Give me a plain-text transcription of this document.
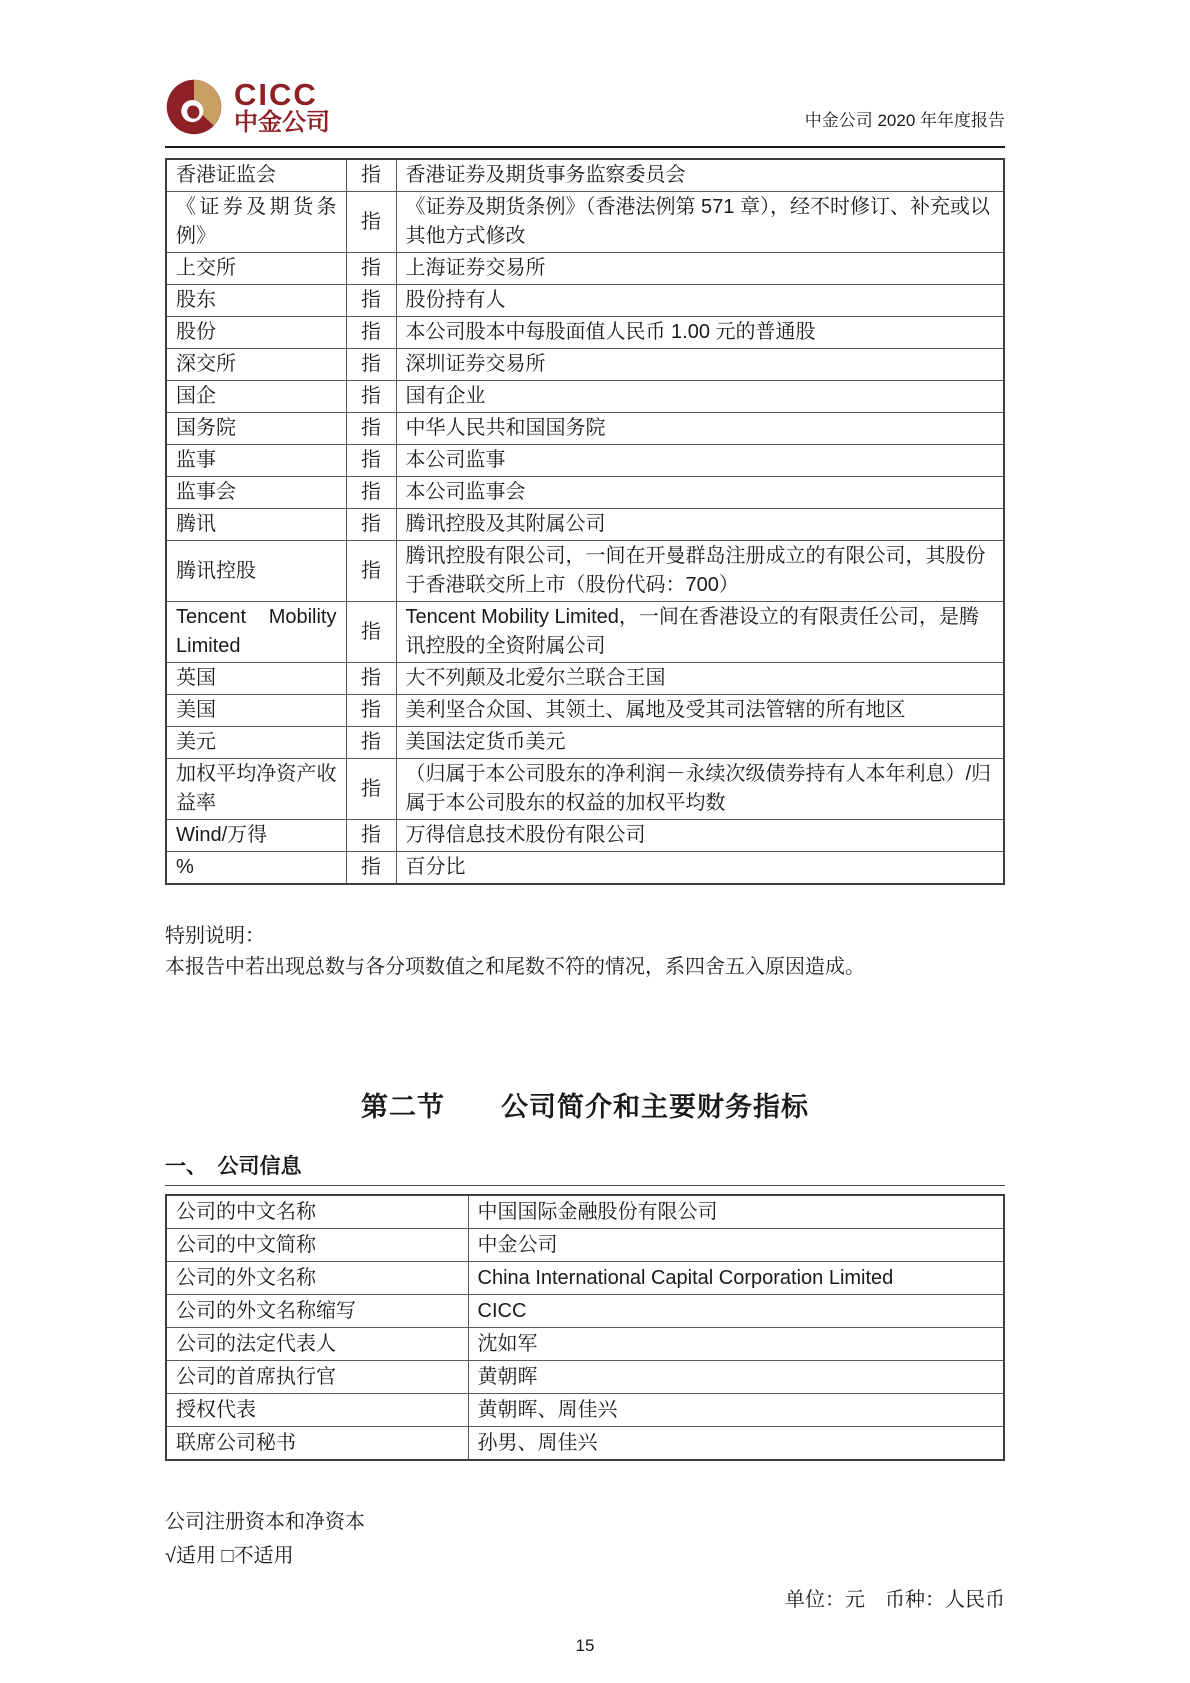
CICC
中金公司	中金公司 2020 年年度报告
香港证监会	指	香港证券及期货事务监察委员会
《证券及期货条例》	指	《证券及期货条例》（香港法例第 571 章），经不时修订、补充或以其他方式修改
上交所	指	上海证券交易所
股东	指	股份持有人
股份	指	本公司股本中每股面值人民币 1.00 元的普通股
深交所	指	深圳证券交易所
国企	指	国有企业
国务院	指	中华人民共和国国务院
监事	指	本公司监事
监事会	指	本公司监事会
腾讯	指	腾讯控股及其附属公司
腾讯控股	指	腾讯控股有限公司，一间在开曼群岛注册成立的有限公司，其股份于香港联交所上市（股份代码：700）
Tencent Mobility Limited	指	Tencent Mobility Limited，一间在香港设立的有限责任公司，是腾讯控股的全资附属公司
英国	指	大不列颠及北爱尔兰联合王国
美国	指	美利坚合众国、其领土、属地及受其司法管辖的所有地区
美元	指	美国法定货币美元
加权平均净资产收益率	指	（归属于本公司股东的净利润－永续次级债券持有人本年利息）/归属于本公司股东的权益的加权平均数
Wind/万得	指	万得信息技术股份有限公司
%	指	百分比
特别说明：
本报告中若出现总数与各分项数值之和尾数不符的情况，系四舍五入原因造成。
第二节　　公司简介和主要财务指标
一、　公司信息
公司的中文名称	中国国际金融股份有限公司
公司的中文简称	中金公司
公司的外文名称	China International Capital Corporation Limited
公司的外文名称缩写	CICC
公司的法定代表人	沈如军
公司的首席执行官	黄朝晖
授权代表	黄朝晖、周佳兴
联席公司秘书	孙男、周佳兴
公司注册资本和净资本
√适用 □不适用
单位：元　币种：人民币
15
